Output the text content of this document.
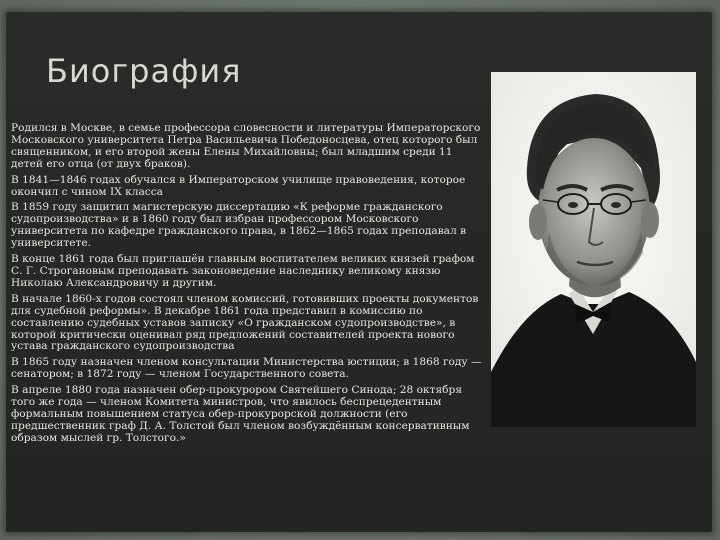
Биография

Родился в Москве, в семье профессора словесности и литературы Императорского Московского университета Петра Васильевича Победоносцева, отец которого был священником, и его второй жены Елены Михайловны; был младшим среди 11 детей его отца (от двух браков).

В 1841—1846 годах обучался в Императорском училище правоведения, которое окончил с чином IX класса

В 1859 году защитил магистерскую диссертацию «К реформе гражданского судопроизводства» и в 1860 году был избран профессором Московского университета по кафедре гражданского права, в 1862—1865 годах преподавал в университете.

В конце 1861 года был приглашён главным воспитателем великих князей графом С. Г. Строгановым преподавать законоведение наследнику великому князю Николаю Александровичу и другим.

В начале 1860-х годов состоял членом комиссий, готовивших проекты документов для судебной реформы». В декабре 1861 года представил в комиссию по составлению судебных уставов записку «О гражданском судопроизводстве», в которой критически оценивал ряд предложений составителей проекта нового устава гражданского судопроизводства

В 1865 году назначен членом консультации Министерства юстиции; в 1868 году — сенатором; в 1872 году — членом Государственного совета.

В апреле 1880 года назначен обер-прокурором Святейшего Синода; 28 октября того же года — членом Комитета министров, что явилось беспрецедентным формальным повышением статуса обер-прокурорской должности (его предшественник граф Д. А. Толстой был членом возбуждённым консервативным образом мыслей гр. Толстого.»
